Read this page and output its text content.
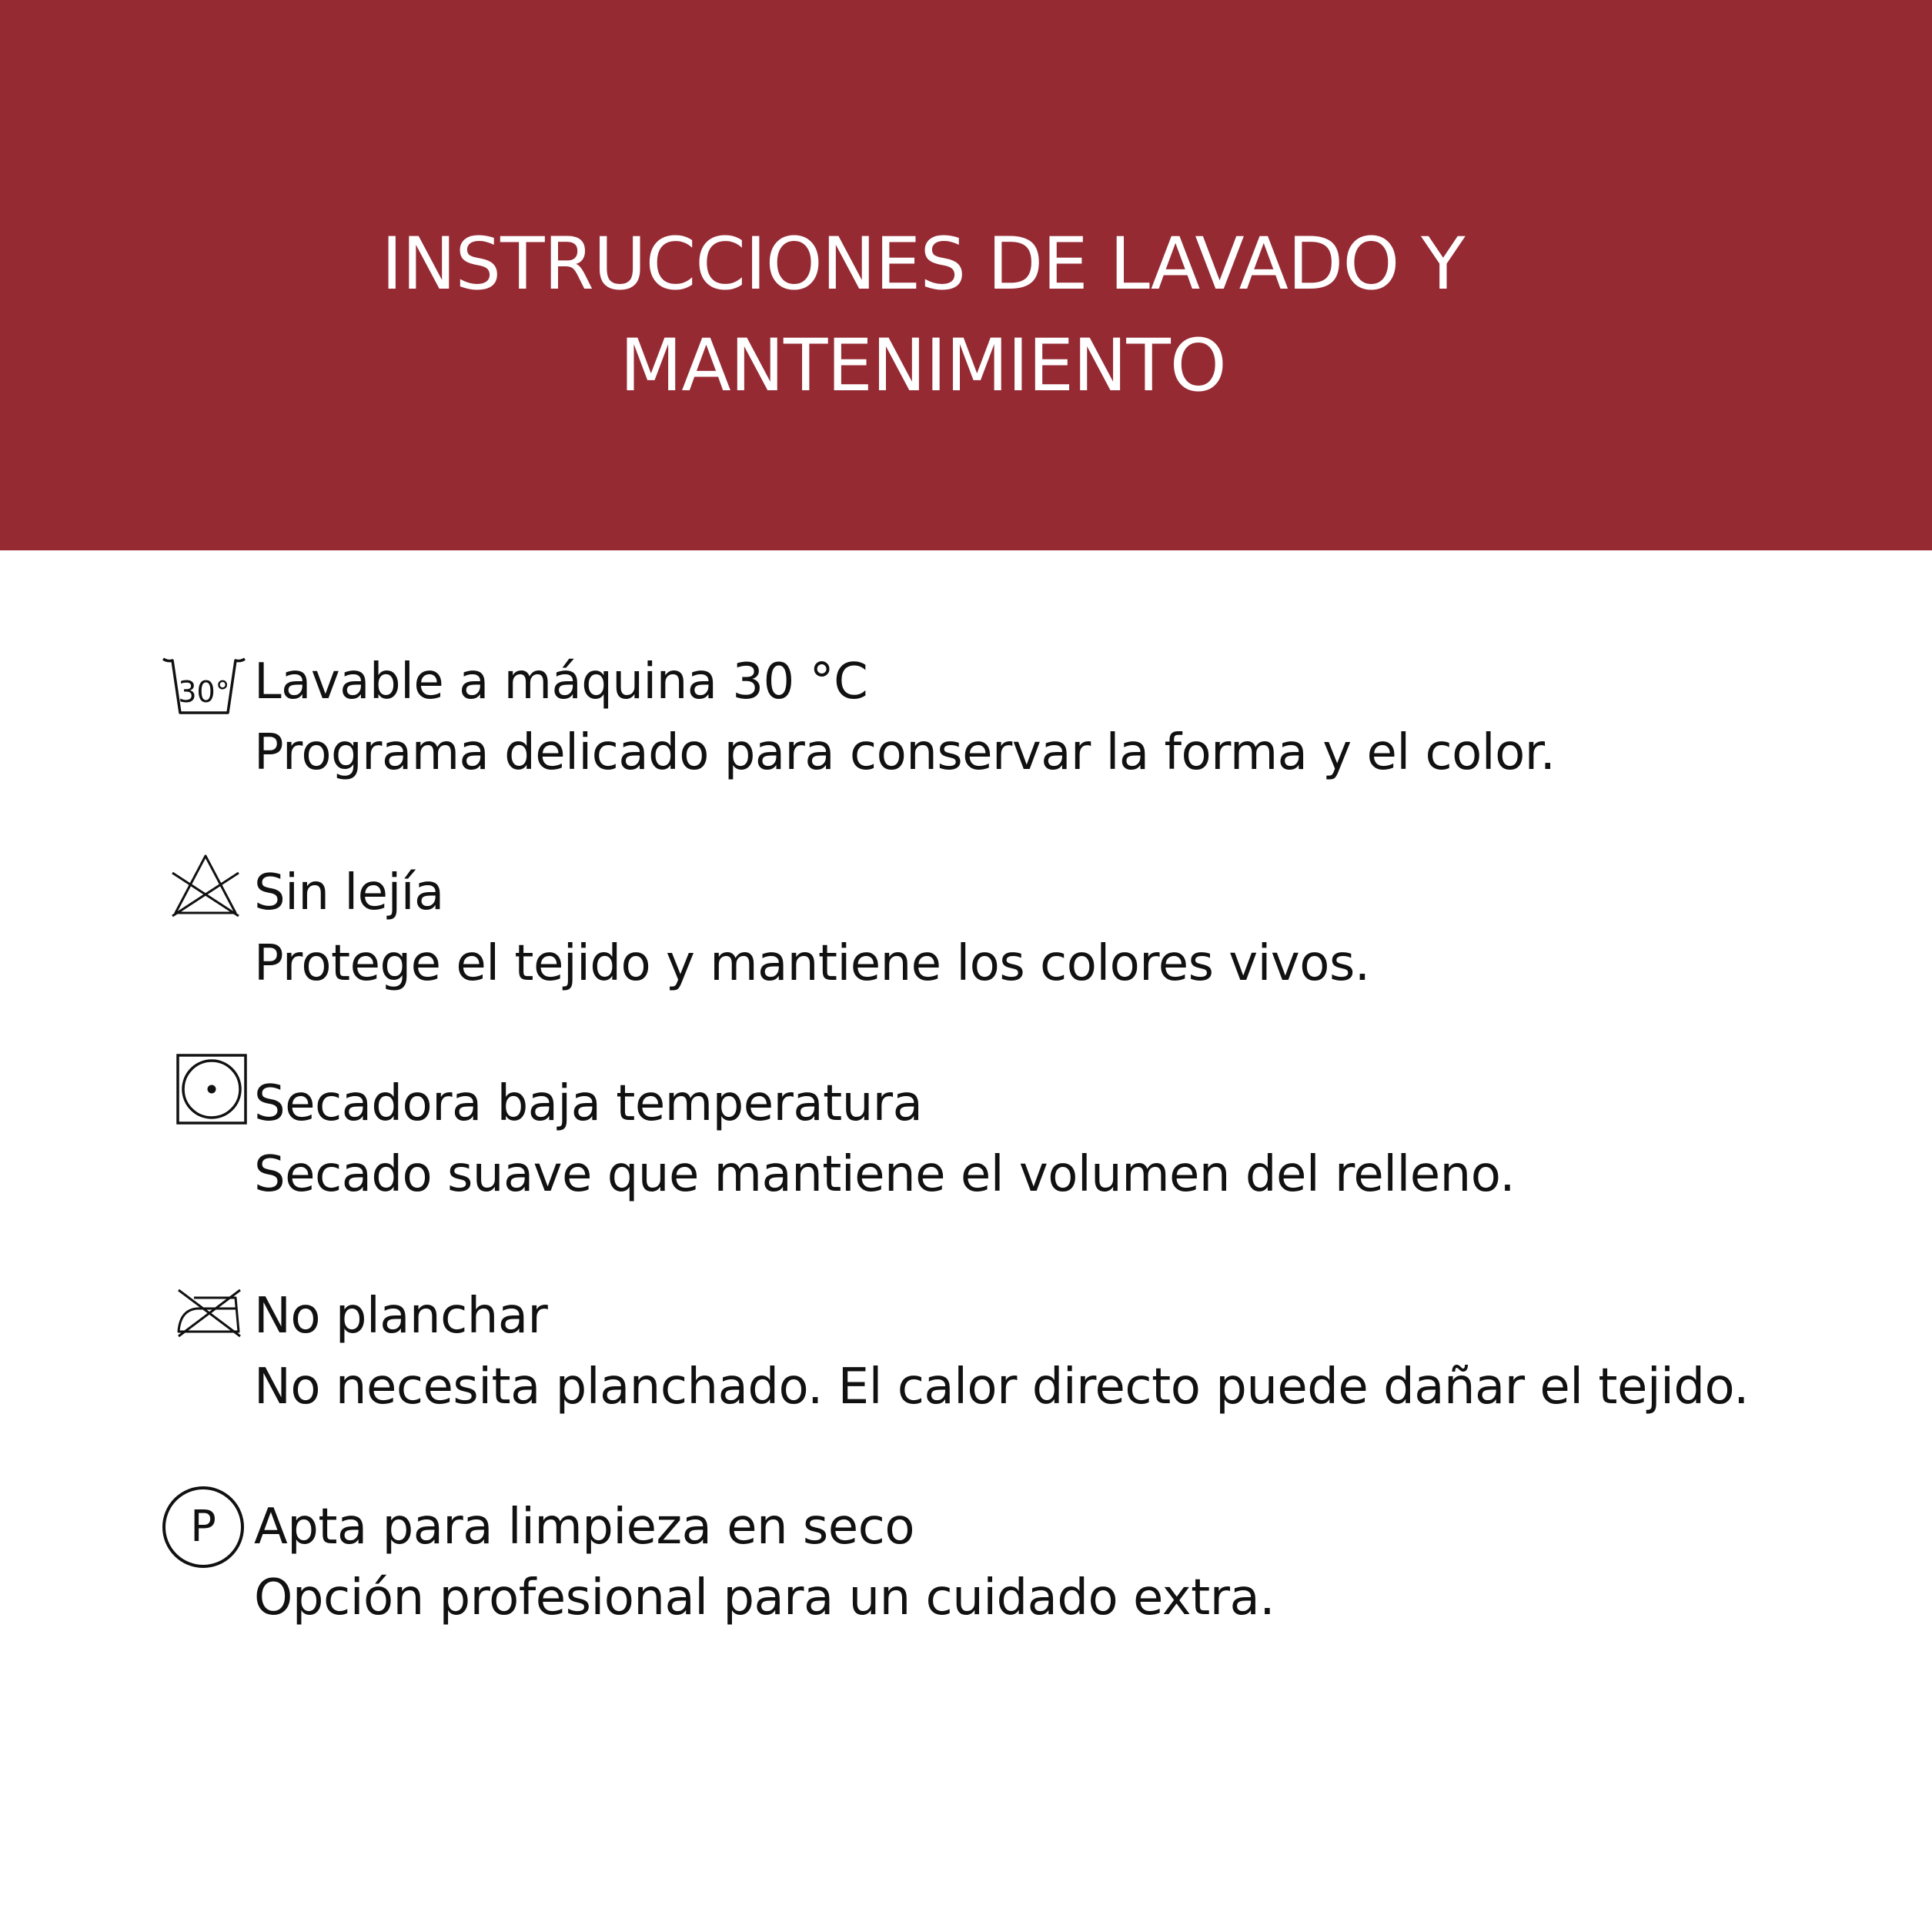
INSTRUCCIONES DE LAVADO Y
MANTENIMIENTO
30° Lavable a máquina 30 °C
Programa delicado para conservar la forma y el color.
Sin lejía
Protege el tejido y mantiene los colores vivos.
Secadora baja temperatura
Secado suave que mantiene el volumen del relleno.
No planchar
No necesita planchado. El calor directo puede dañar el tejido.
P Apta para limpieza en seco
Opción profesional para un cuidado extra.
